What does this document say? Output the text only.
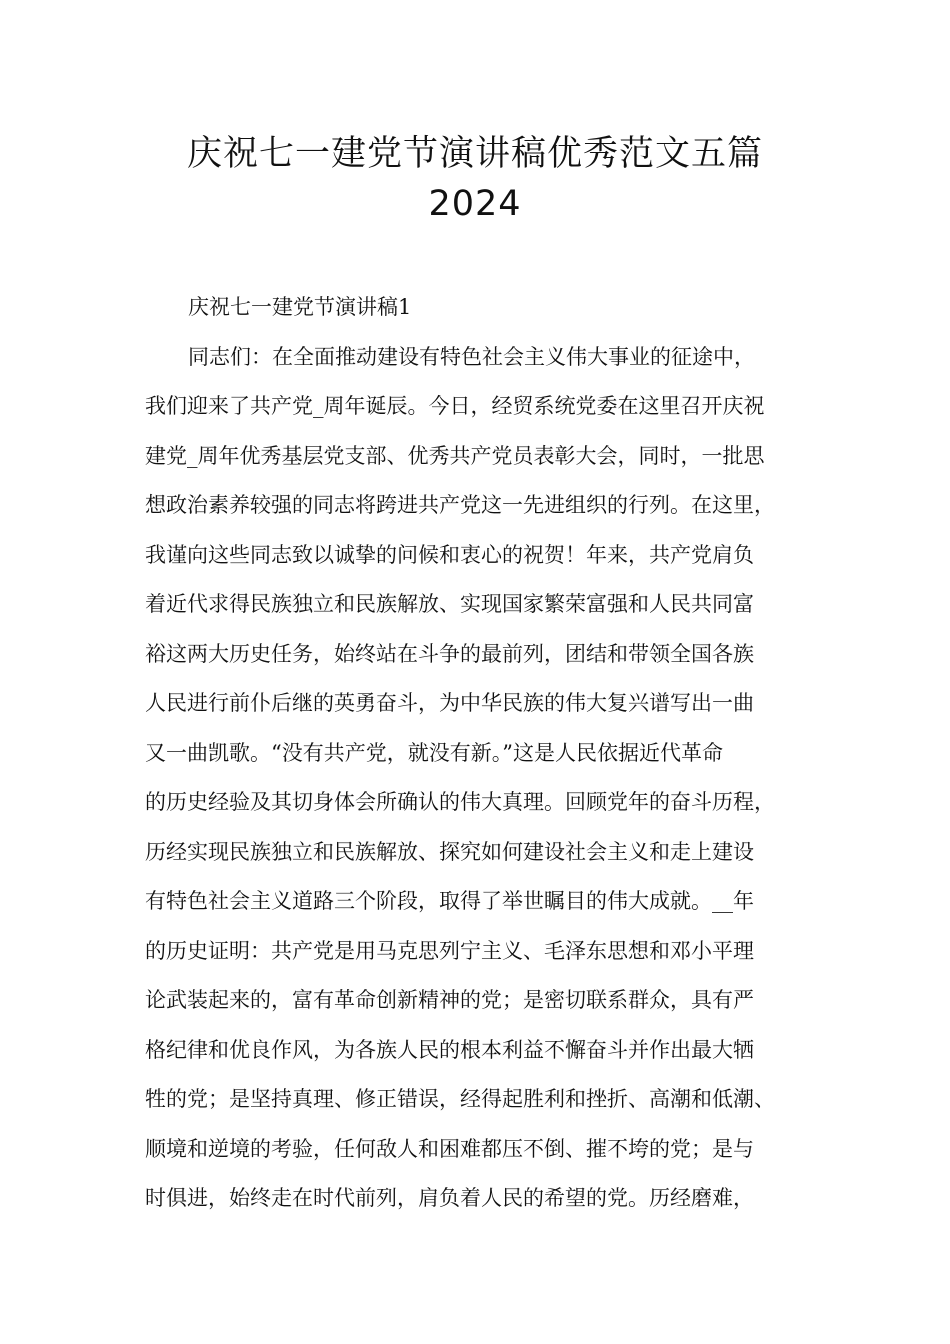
庆祝七一建党节演讲稿优秀范文五篇
2024
庆祝七一建党节演讲稿1
同志们：在全面推动建设有特色社会主义伟大事业的征途中，
我们迎来了共产党_周年诞辰。今日，经贸系统党委在这里召开庆祝
建党_周年优秀基层党支部、优秀共产党员表彰大会，同时，一批思
想政治素养较强的同志将跨进共产党这一先进组织的行列。在这里，
我谨向这些同志致以诚挚的问候和衷心的祝贺！年来，共产党肩负
着近代求得民族独立和民族解放、实现国家繁荣富强和人民共同富
裕这两大历史任务，始终站在斗争的最前列，团结和带领全国各族
人民进行前仆后继的英勇奋斗，为中华民族的伟大复兴谱写出一曲
又一曲凯歌。“没有共产党，就没有新。”这是人民依据近代革命
的历史经验及其切身体会所确认的伟大真理。回顾党年的奋斗历程，
历经实现民族独立和民族解放、探究如何建设社会主义和走上建设
有特色社会主义道路三个阶段，取得了举世瞩目的伟大成就。__年
的历史证明：共产党是用马克思列宁主义、毛泽东思想和邓小平理
论武装起来的，富有革命创新精神的党；是密切联系群众，具有严
格纪律和优良作风，为各族人民的根本利益不懈奋斗并作出最大牺
牲的党；是坚持真理、修正错误，经得起胜利和挫折、高潮和低潮、
顺境和逆境的考验，任何敌人和困难都压不倒、摧不垮的党；是与
时俱进，始终走在时代前列，肩负着人民的希望的党。历经磨难，
